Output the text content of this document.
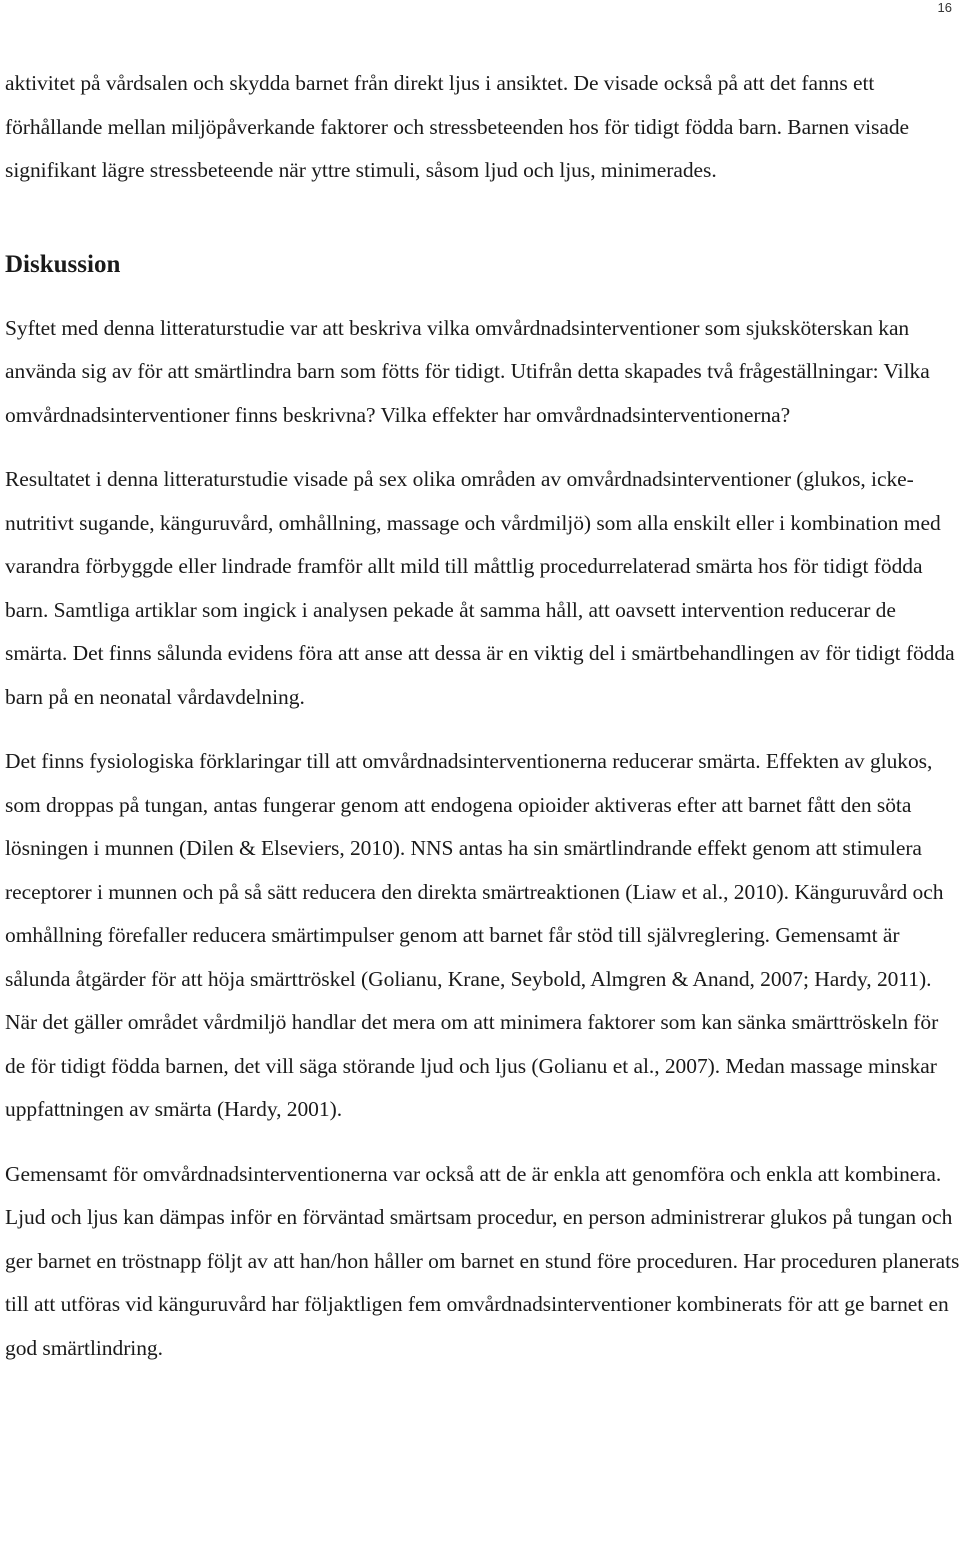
16

aktivitet på vårdsalen och skydda barnet från direkt ljus i ansiktet. De visade också på att det fanns ett förhållande mellan miljöpåverkande faktorer och stressbeteenden hos för tidigt födda barn. Barnen visade signifikant lägre stressbeteende när yttre stimuli, såsom ljud och ljus, minimerades.

Diskussion

Syftet med denna litteraturstudie var att beskriva vilka omvårdnadsinterventioner som sjuksköterskan kan använda sig av för att smärtlindra barn som fötts för tidigt. Utifrån detta skapades två frågeställningar: Vilka omvårdnadsinterventioner finns beskrivna? Vilka effekter har omvårdnadsinterventionerna?

Resultatet i denna litteraturstudie visade på sex olika områden av omvårdnadsinterventioner (glukos, icke-nutritivt sugande, känguruvård, omhållning, massage och vårdmiljö) som alla enskilt eller i kombination med varandra förbyggde eller lindrade framför allt mild till måttlig procedurrelaterad smärta hos för tidigt födda barn. Samtliga artiklar som ingick i analysen pekade åt samma håll, att oavsett intervention reducerar de smärta. Det finns sålunda evidens föra att anse att dessa är en viktig del i smärtbehandlingen av för tidigt födda barn på en neonatal vårdavdelning.

Det finns fysiologiska förklaringar till att omvårdnadsinterventionerna reducerar smärta. Effekten av glukos, som droppas på tungan, antas fungerar genom att endogena opioider aktiveras efter att barnet fått den söta lösningen i munnen (Dilen & Elseviers, 2010). NNS antas ha sin smärtlindrande effekt genom att stimulera receptorer i munnen och på så sätt reducera den direkta smärtreaktionen (Liaw et al., 2010). Känguruvård och omhållning förefaller reducera smärtimpulser genom att barnet får stöd till självreglering. Gemensamt är sålunda åtgärder för att höja smärttröskel (Golianu, Krane, Seybold, Almgren & Anand, 2007; Hardy, 2011). När det gäller området vårdmiljö handlar det mera om att minimera faktorer som kan sänka smärttröskeln för de för tidigt födda barnen, det vill säga störande ljud och ljus (Golianu et al., 2007). Medan massage minskar uppfattningen av smärta (Hardy, 2001).

Gemensamt för omvårdnadsinterventionerna var också att de är enkla att genomföra och enkla att kombinera. Ljud och ljus kan dämpas inför en förväntad smärtsam procedur, en person administrerar glukos på tungan och ger barnet en tröstnapp följt av att han/hon håller om barnet en stund före proceduren. Har proceduren planerats till att utföras vid känguruvård har följaktligen fem omvårdnadsinterventioner kombinerats för att ge barnet en god smärtlindring.
